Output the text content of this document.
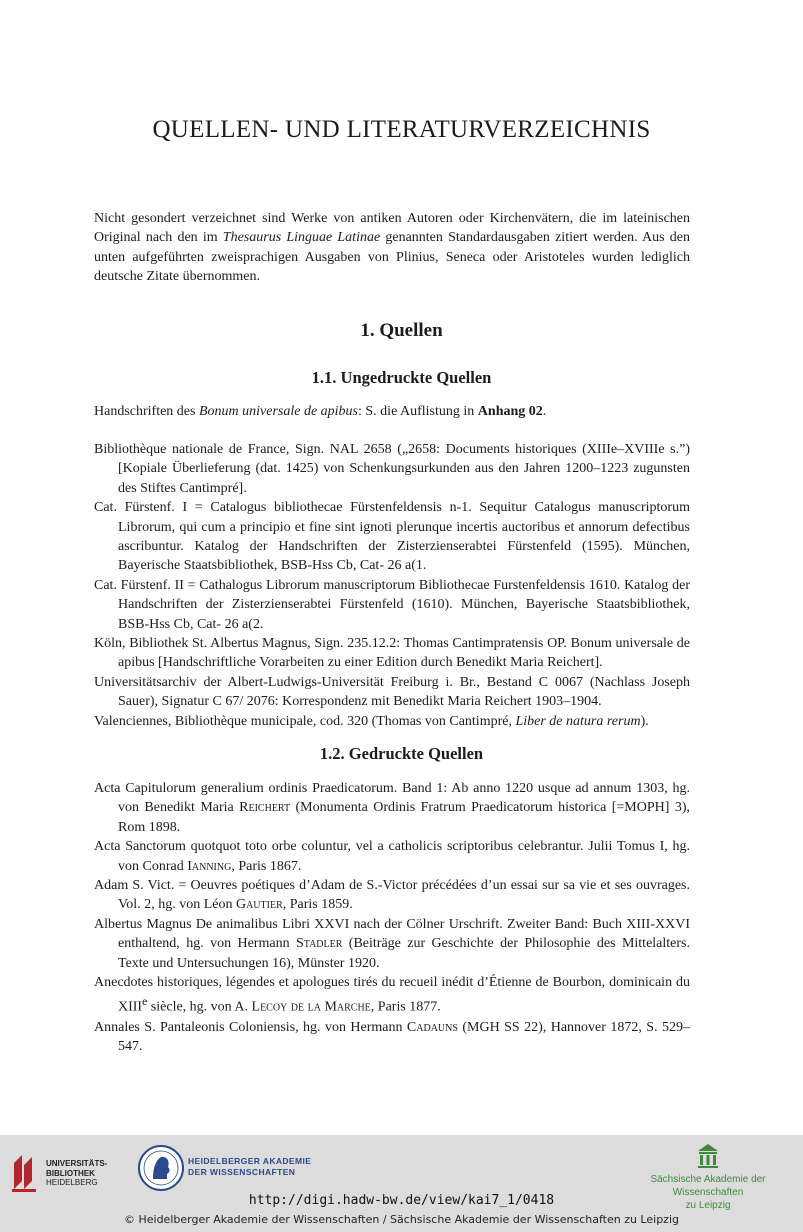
QUELLEN- UND LITERATURVERZEICHNIS

Nicht gesondert verzeichnet sind Werke von antiken Autoren oder Kirchenvätern, die im lateinischen Original nach den im Thesaurus Linguae Latinae genannten Standardausgaben zitiert werden. Aus den unten aufgeführten zweisprachigen Ausgaben von Plinius, Seneca oder Aristoteles wurden lediglich deutsche Zitate übernommen.

1. Quellen
1.1. Ungedruckte Quellen

Handschriften des Bonum universale de apibus: S. die Auflistung in Anhang 02.

Bibliothèque nationale de France, Sign. NAL 2658 („2658: Documents historiques (XIIIe–XVIIIe s.”) [Kopiale Überlieferung (dat. 1425) von Schenkungsurkunden aus den Jahren 1200–1223 zugunsten des Stiftes Cantimpré].
Cat. Fürstenf. I = Catalogus bibliothecae Fürstenfeldensis n-1. Sequitur Catalogus manuscriptorum Librorum, qui cum a principio et fine sint ignoti plerunque incertis auctoribus et annorum defectibus ascribuntur. Katalog der Handschriften der Zisterzienserabtei Fürstenfeld (1595). München, Bayerische Staatsbibliothek, BSB-Hss Cb, Cat- 26 a(1.
Cat. Fürstenf. II = Cathalogus Librorum manuscriptorum Bibliothecae Furstenfeldensis 1610. Katalog der Handschriften der Zisterzienserabtei Fürstenfeld (1610). München, Bayerische Staatsbibliothek, BSB-Hss Cb, Cat- 26 a(2.
Köln, Bibliothek St. Albertus Magnus, Sign. 235.12.2: Thomas Cantimpratensis OP. Bonum universale de apibus [Handschriftliche Vorarbeiten zu einer Edition durch Benedikt Maria Reichert].
Universitätsarchiv der Albert-Ludwigs-Universität Freiburg i. Br., Bestand C 0067 (Nachlass Joseph Sauer), Signatur C 67/ 2076: Korrespondenz mit Benedikt Maria Reichert 1903–1904.
Valenciennes, Bibliothèque municipale, cod. 320 (Thomas von Cantimpré, Liber de natura rerum).
1.2. Gedruckte Quellen
Acta Capitulorum generalium ordinis Praedicatorum. Band 1: Ab anno 1220 usque ad annum 1303, hg. von Benedikt Maria Reichert (Monumenta Ordinis Fratrum Praedicatorum historica [=MOPH] 3), Rom 1898.
Acta Sanctorum quotquot toto orbe coluntur, vel a catholicis scriptoribus celebrantur. Julii Tomus I, hg. von Conrad Ianning, Paris 1867.
Adam S. Vict. = Oeuvres poétiques d’Adam de S.-Victor précédées d’un essai sur sa vie et ses ouvrages. Vol. 2, hg. von Léon Gautier, Paris 1859.
Albertus Magnus De animalibus Libri XXVI nach der Cölner Urschrift. Zweiter Band: Buch XIII-XXVI enthaltend, hg. von Hermann Stadler (Beiträge zur Geschichte der Philosophie des Mittelalters. Texte und Untersuchungen 16), Münster 1920.
Anecdotes historiques, légendes et apologues tirés du recueil inédit d’Étienne de Bourbon, dominicain du XIIIe siècle, hg. von A. Lecoy de la Marche, Paris 1877.
Annales S. Pantaleonis Coloniensis, hg. von Hermann Cadauns (MGH SS 22), Hannover 1872, S. 529–547.
UNIVERSITÄTS-
BIBLIOTHEK
HEIDELBERG
HEIDELBERGER AKADEMIE
DER WISSENSCHAFTEN
Sächsische Akademie der Wissenschaften
zu Leipzig
http://digi.hadw-bw.de/view/kai7_1/0418
© Heidelberger Akademie der Wissenschaften / Sächsische Akademie der Wissenschaften zu Leipzig
